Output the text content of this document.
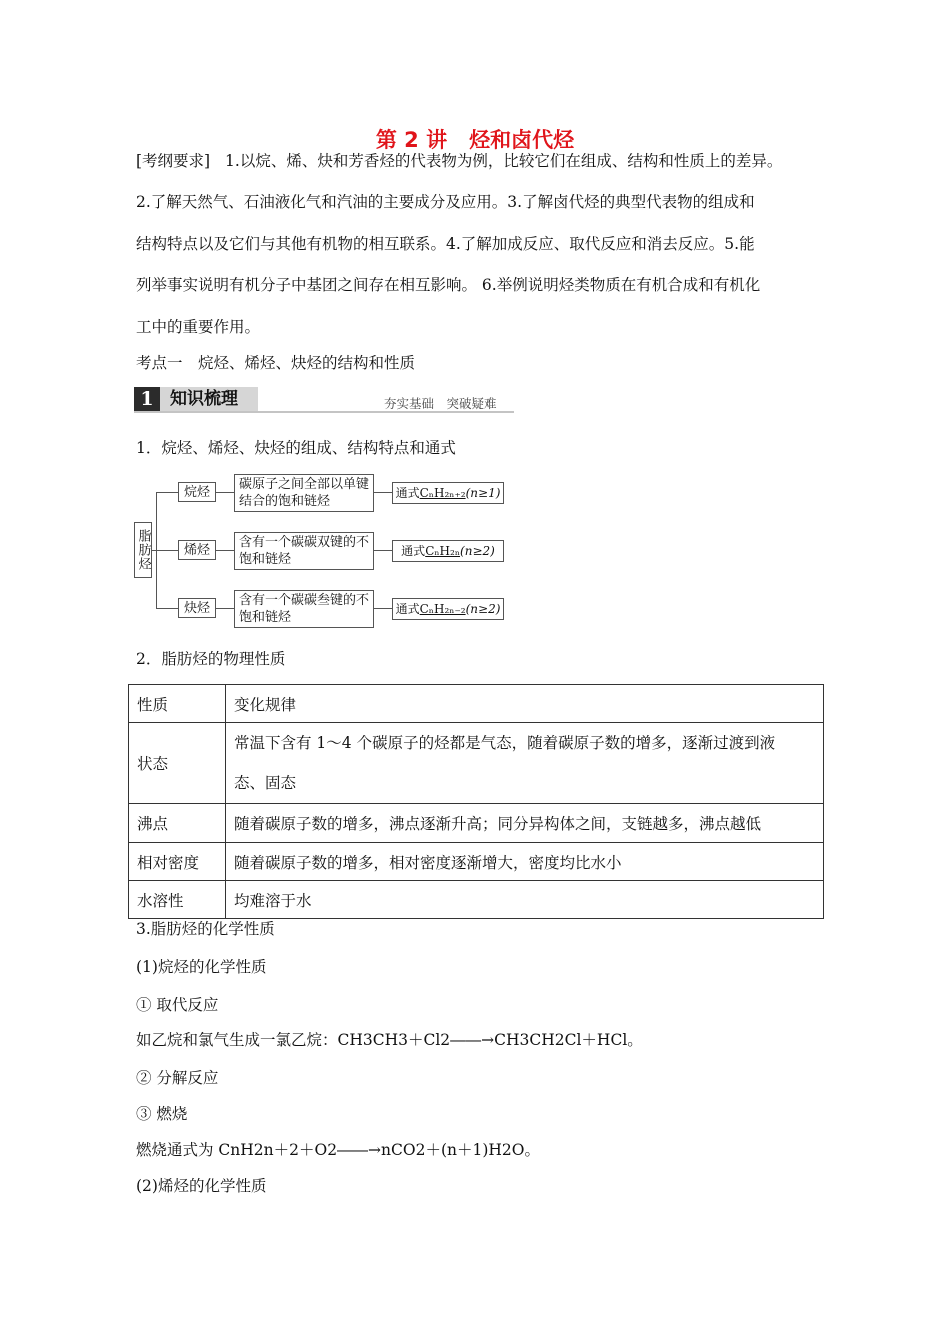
第 2 讲 烃和卤代烃
[考纲要求] 1.以烷、烯、炔和芳香烃的代表物为例，比较它们在组成、结构和性质上的差异。
2.了解天然气、石油液化气和汽油的主要成分及应用。3.了解卤代烃的典型代表物的组成和
结构特点以及它们与其他有机物的相互联系。4.了解加成反应、取代反应和消去反应。5.能
列举事实说明有机分子中基团之间存在相互影响。 6.举例说明烃类物质在有机合成和有机化
工中的重要作用。
考点一　烷烃、烯烃、炔烃的结构和性质
1 知识梳理	夯实基础　突破疑难
1．烷烃、烯烃、炔烃的组成、结构特点和通式
脂肪烃
烷烃	碳原子之间全部以单键
结合的饱和链烃
通式 CₙH₂ₙ₊₂ (n≥1)
烯烃	含有一个碳碳双键的不
饱和链烃
通式 CₙH₂ₙ (n≥2)
炔烃	含有一个碳碳叁键的不
饱和链烃
通式 CₙH₂ₙ₋₂ (n≥2)
2．脂肪烃的物理性质
性质	变化规律
状态	常温下含有 1～4 个碳原子的烃都是气态，随着碳原子数的增多，逐渐过渡到液
态、固态

沸点	随着碳原子数的增多，沸点逐渐升高；同分异构体之间，支链越多，沸点越低
相对密度	随着碳原子数的增多，相对密度逐渐增大，密度均比水小
水溶性	均难溶于水
3.脂肪烃的化学性质
(1)烷烃的化学性质
① 取代反应
如乙烷和氯气生成一氯乙烷：CH3CH3＋Cl2――→CH3CH2Cl＋HCl。
② 分解反应
③ 燃烧
燃烧通式为 CnH2n＋2＋O2――→nCO2＋(n＋1)H2O。
(2)烯烃的化学性质
